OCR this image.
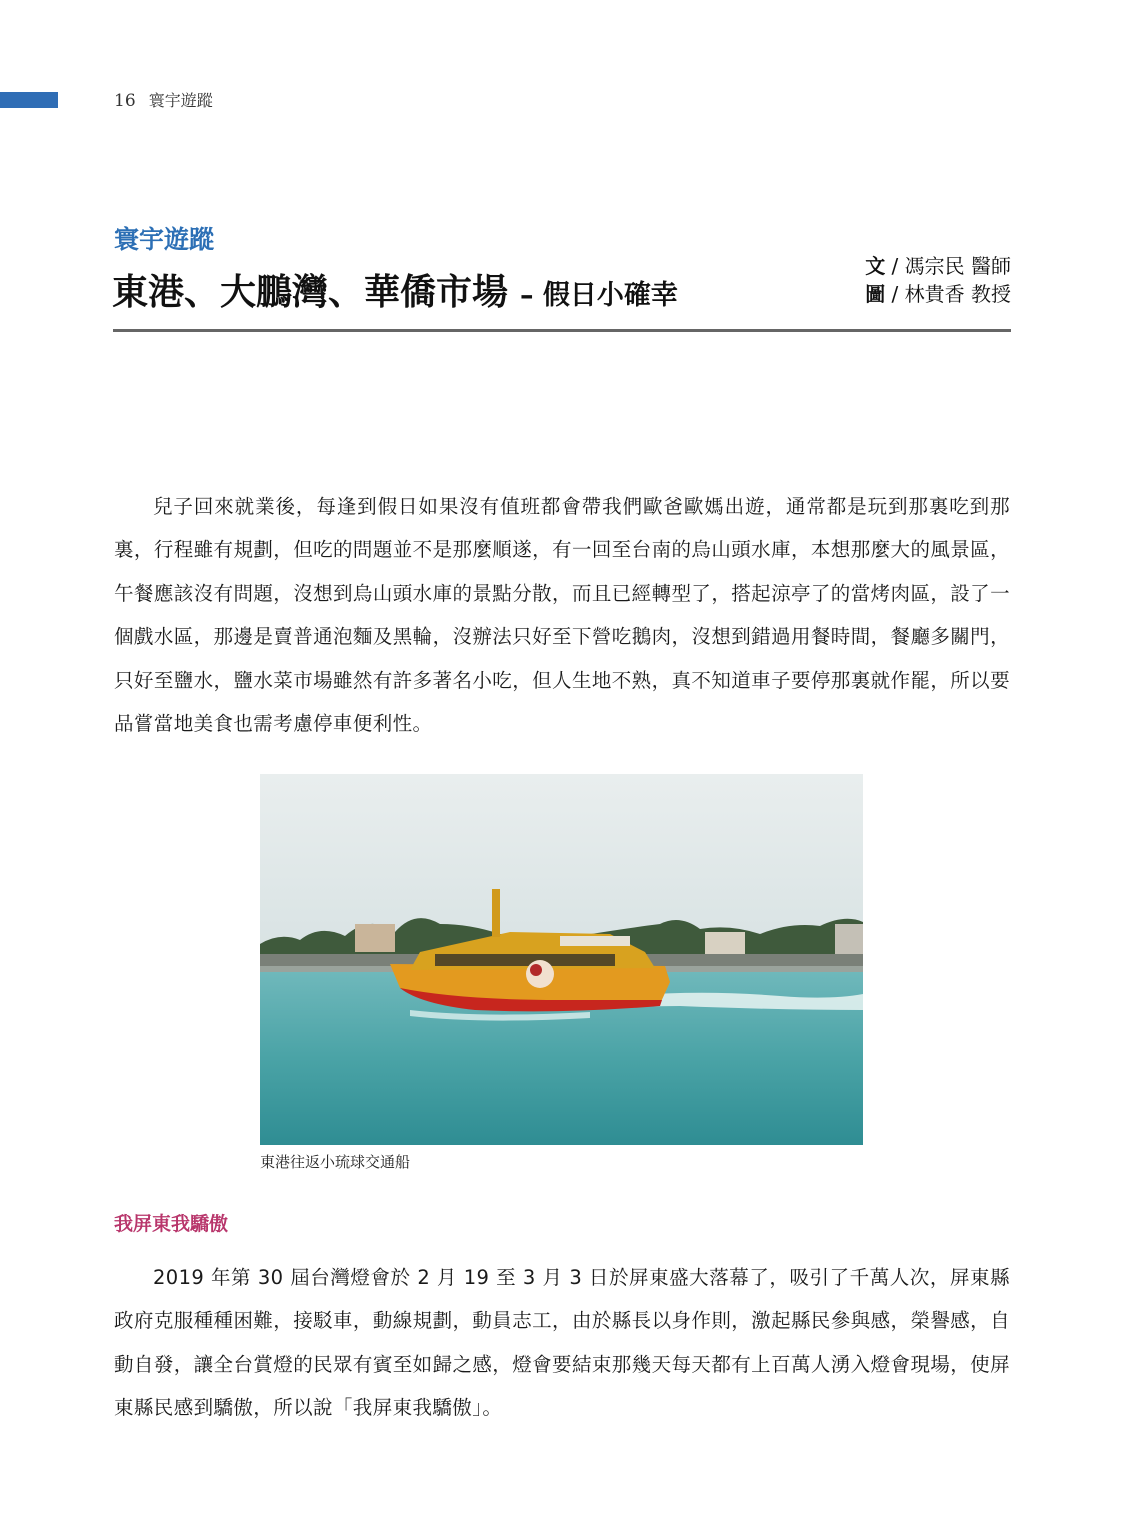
16 寰宇遊蹤
寰宇遊蹤
東港、大鵬灣、華僑市場 – 假日小確幸
文 / 馮宗民 醫師
圖 / 林貴香 教授

兒子回來就業後，每逢到假日如果沒有值班都會帶我們歐爸歐媽出遊，通常都是玩到那裏吃到那裏，行程雖有規劃，但吃的問題並不是那麼順遂，有一回至台南的烏山頭水庫，本想那麼大的風景區，午餐應該沒有問題，沒想到烏山頭水庫的景點分散，而且已經轉型了，搭起涼亭了的當烤肉區，設了一個戲水區，那邊是賣普通泡麵及黑輪，沒辦法只好至下營吃鵝肉，沒想到錯過用餐時間，餐廳多關門，只好至鹽水，鹽水菜市場雖然有許多著名小吃，但人生地不熟，真不知道車子要停那裏就作罷，所以要品嘗當地美食也需考慮停車便利性。

東港往返小琉球交通船
我屏東我驕傲

2019 年第 30 屆台灣燈會於 2 月 19 至 3 月 3 日於屏東盛大落幕了，吸引了千萬人次，屏東縣政府克服種種困難，接駁車，動線規劃，動員志工，由於縣長以身作則，激起縣民參與感，榮譽感，自動自發，讓全台賞燈的民眾有賓至如歸之感，燈會要結束那幾天每天都有上百萬人湧入燈會現場，使屏東縣民感到驕傲，所以說「我屏東我驕傲」。
